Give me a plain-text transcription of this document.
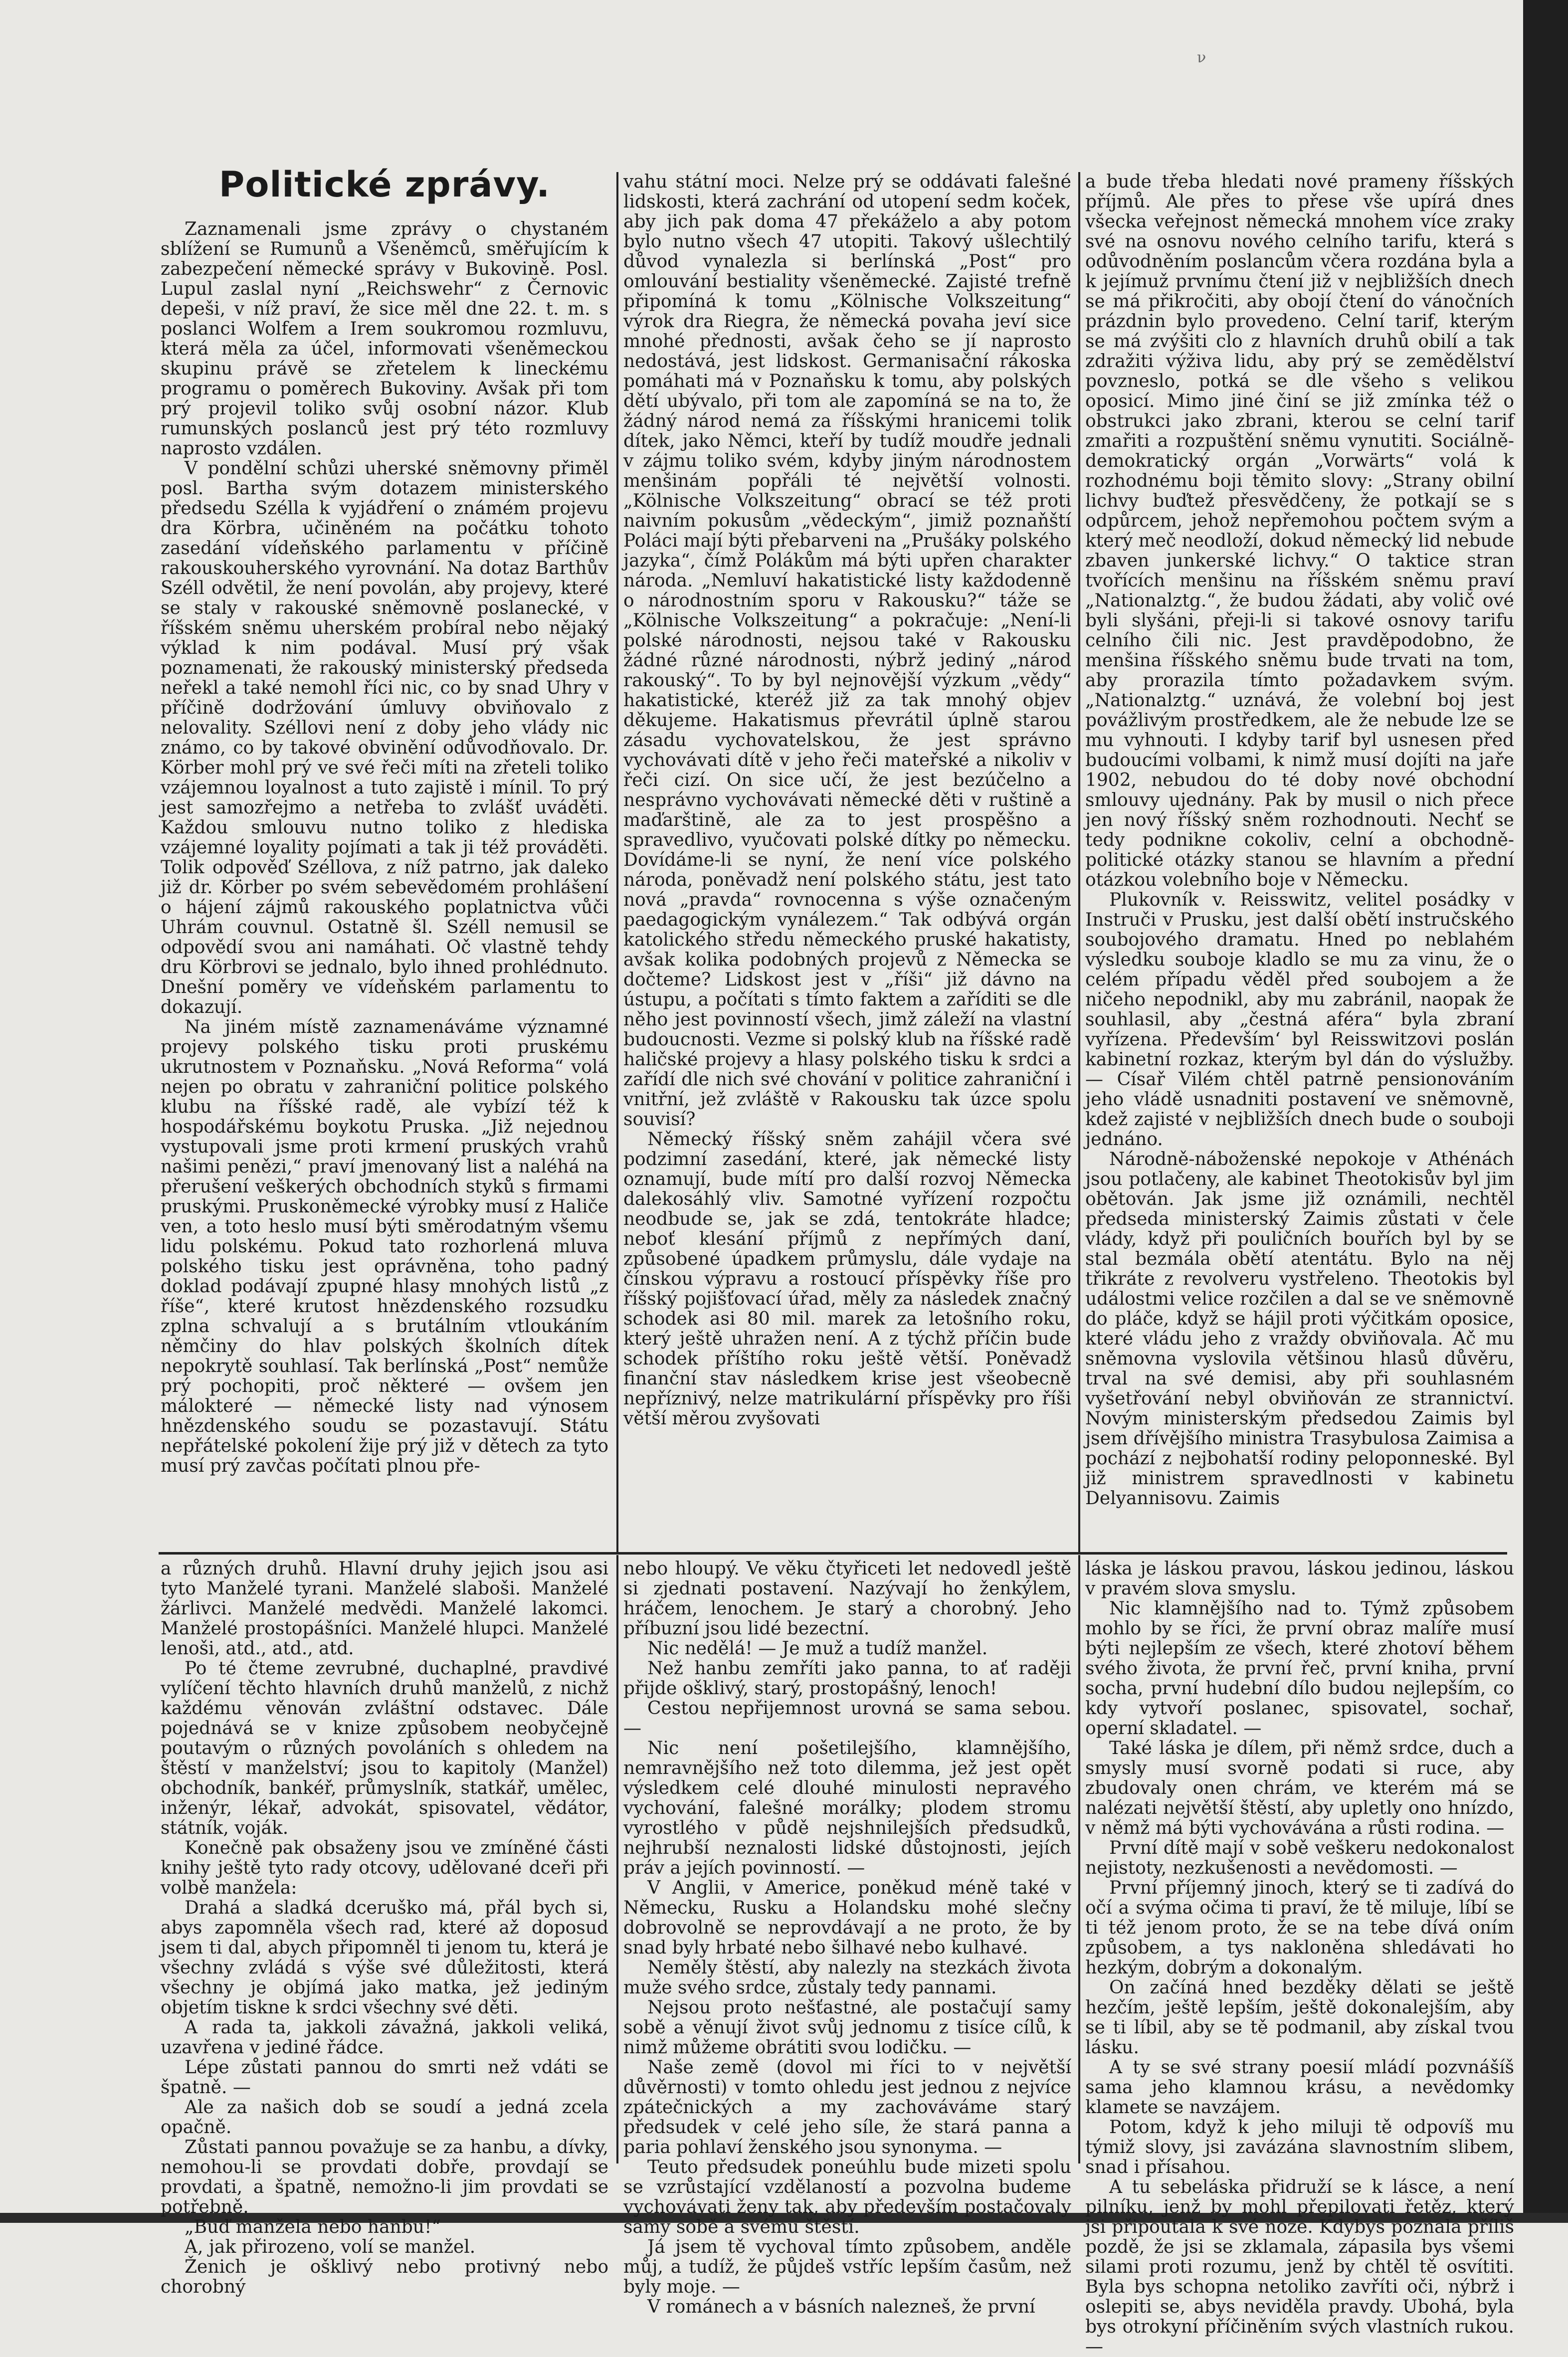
ν
Politické zprávy.

Zaznamenali jsme zprávy o chystaném sblížení se Rumunů a Všeněmců, směřujícím k zabezpečení německé správy v Bukovině. Posl. Lupul zaslal nyní „Reichswehr“ z Černovic depeši, v níž praví, že sice měl dne 22. t. m. s poslanci Wolfem a Irem soukromou rozmluvu, která měla za účel, informovati všeněmeckou skupinu právě se zřetelem k lineckému programu o poměrech Bukoviny. Avšak při tom prý projevil toliko svůj osobní názor. Klub rumunských poslanců jest prý této rozmluvy naprosto vzdálen.

V pondělní schůzi uherské sněmovny přiměl posl. Bartha svým dotazem ministerského předsedu Szélla k vyjádření o známém projevu dra Körbra, učiněném na počátku tohoto zasedání vídeňského parlamentu v příčině rakouskouherského vyrovnání. Na dotaz Barthův Széll odvětil, že není povolán, aby projevy, které se staly v rakouské sněmovně poslanecké, v říšském sněmu uherském probíral nebo nějaký výklad k nim podával. Musí prý však poznamenati, že rakouský ministerský předseda neřekl a také nemohl říci nic, co by snad Uhry v příčině dodržování úmluvy obviňovalo z nelovality. Széllovi není z doby jeho vlády nic známo, co by takové obvinění odůvodňovalo. Dr. Körber mohl prý ve své řeči míti na zřeteli toliko vzájemnou loyalnost a tuto zajistě i mínil. To prý jest samozřejmo a netřeba to zvlášť uváděti. Každou smlouvu nutno toliko z hlediska vzájemné loyality pojímati a tak ji též prováděti. Tolik odpověď Széllova, z níž patrno, jak daleko již dr. Körber po svém sebevědomém prohlášení o hájení zájmů rakouského poplatnictva vůči Uhrám couvnul. Ostatně šl. Széll nemusil se odpovědí svou ani namáhati. Oč vlastně tehdy dru Körbrovi se jednalo, bylo ihned prohlédnuto. Dnešní poměry ve vídeňském parlamentu to dokazují.

Na jiném místě zaznamenáváme významné projevy polského tisku proti pruskému ukrutnostem v Poznaňsku. „Nová Reforma“ volá nejen po obratu v zahraniční politice polského klubu na říšské radě, ale vybízí též k hospodářskému boykotu Pruska. „Již nejednou vystupovali jsme proti krmení pruských vrahů našimi penězi,“ praví jmenovaný list a naléhá na přerušení veškerých obchodních styků s firmami pruskými. Pruskoněmecké výrobky musí z Haliče ven, a toto heslo musí býti směrodatným všemu lidu polskému. Pokud tato rozhorlená mluva polského tisku jest oprávněna, toho padný doklad podávají zpupné hlasy mnohých listů „z říše“, které krutost hnězdenského rozsudku zplna schvalují a s brutálním vtloukáním němčiny do hlav polských školních dítek nepokrytě souhlasí. Tak berlínská „Post“ nemůže prý pochopiti, proč některé — ovšem jen málokteré — německé listy nad výnosem hnězdenského soudu se pozastavují. Státu nepřátelské pokolení žije prý již v dětech za tyto musí prý zavčas počítati plnou pře-

vahu státní moci. Nelze prý se oddávati falešné lidskosti, která zachrání od utopení sedm koček, aby jich pak doma 47 překáželo a aby potom bylo nutno všech 47 utopiti. Takový ušlechtilý důvod vynalezla si berlínská „Post“ pro omlouvání bestiality všeněmecké. Zajisté trefně připomíná k tomu „Kölnische Volkszeitung“ výrok dra Riegra, že německá povaha jeví sice mnohé přednosti, avšak čeho se jí naprosto nedostává, jest lidskost. Germanisační rákoska pomáhati má v Poznaňsku k tomu, aby polských dětí ubývalo, při tom ale zapomíná se na to, že žádný národ nemá za říšskými hranicemi tolik dítek, jako Němci, kteří by tudíž moudře jednali v zájmu toliko svém, kdyby jiným národnostem menšinám popřáli té největší volnosti. „Kölnische Volkszeitung“ obrací se též proti naivním pokusům „vědeckým“, jimiž poznaňští Poláci mají býti přebarveni na „Prušáky polského jazyka“, čímž Polákům má býti upřen charakter národa. „Nemluví hakatistické listy každodenně o národnostním sporu v Rakousku?“ táže se „Kölnische Volkszeitung“ a pokračuje: „Není-li polské národnosti, nejsou také v Rakousku žádné různé národnosti, nýbrž jediný „národ rakouský“. To by byl nejnovější výzkum „vědy“ hakatistické, kteréž již za tak mnohý objev děkujeme. Hakatismus převrátil úplně starou zásadu vychovatelskou, že jest správno vychovávati dítě v jeho řeči mateřské a nikoliv v řeči cizí. On sice učí, že jest bezúčelno a nesprávno vychovávati německé děti v ruštině a maďarštině, ale za to jest prospěšno a spravedlivo, vyučovati polské dítky po německu. Dovídáme-li se nyní, že není více polského národa, poněvadž není polského státu, jest tato nová „pravda“ rovnocenna s výše označeným paedagogickým vynálezem.“ Tak odbývá orgán katolického středu německého pruské hakatisty, avšak kolika podobných projevů z Německa se dočteme? Lidskost jest v „říši“ již dávno na ústupu, a počítati s tímto faktem a zaříditi se dle něho jest povinností všech, jimž záleží na vlastní budoucnosti. Vezme si polský klub na říšské radě haličské projevy a hlasy polského tisku k srdci a zařídí dle nich své chování v politice zahraniční i vnitřní, jež zvláště v Rakousku tak úzce spolu souvisí?

Německý říšský sněm zahájil včera své podzimní zasedání, které, jak německé listy oznamují, bude mítí pro další rozvoj Německa dalekosáhlý vliv. Samotné vyřízení rozpočtu neodbude se, jak se zdá, tentokráte hladce; neboť klesání příjmů z nepřímých daní, způsobené úpadkem průmyslu, dále vydaje na čínskou výpravu a rostoucí příspěvky říše pro říšský pojišťovací úřad, měly za následek značný schodek asi 80 mil. marek za letošního roku, který ještě uhražen není. A z týchž příčin bude schodek příštího roku ještě větší. Poněvadž finanční stav následkem krise jest všeobecně nepříznivý, nelze matrikulární příspěvky pro říši větší měrou zvyšovati

a bude třeba hledati nové prameny říšských příjmů. Ale přes to přese vše upírá dnes všecka veřejnost německá mnohem více zraky své na osnovu nového celního tarifu, která s odůvodněním poslancům včera rozdána byla a k jejímuž prvnímu čtení již v nejbližších dnech se má přikročiti, aby obojí čtení do vánočních prázdnin bylo provedeno. Celní tarif, kterým se má zvýšiti clo z hlavních druhů obilí a tak zdražiti výživa lidu, aby prý se zemědělství povzneslo, potká se dle všeho s velikou oposicí. Mimo jiné činí se již zmínka též o obstrukci jako zbrani, kterou se celní tarif zmařiti a rozpuštění sněmu vynutiti. Sociálně-demokratický orgán „Vorwärts“ volá k rozhodnému boji těmito slovy: „Strany obilní lichvy buďtež přesvědčeny, že potkají se s odpůrcem, jehož nepřemohou počtem svým a který meč neodloží, dokud německý lid nebude zbaven junkerské lichvy.“ O taktice stran tvořících menšinu na říšském sněmu praví „Nationalztg.“, že budou žádati, aby volič ové byli slyšáni, přeji-li si takové osnovy tarifu celního čili nic. Jest pravděpodobno, že menšina říšského sněmu bude trvati na tom, aby prorazila tímto požadavkem svým. „Nationalztg.“ uznává, že volební boj jest povážlivým prostředkem, ale že nebude lze se mu vyhnouti. I kdyby tarif byl usnesen před budoucími volbami, k nimž musí dojíti na jaře 1902, nebudou do té doby nové obchodní smlouvy ujednány. Pak by musil o nich přece jen nový říšský sněm rozhodnouti. Nechť se tedy podnikne cokoliv, celní a obchodně-politické otázky stanou se hlavním a přední otázkou volebního boje v Německu.

Plukovník v. Reisswitz, velitel posádky v Instruči v Prusku, jest další obětí instručského soubojového dramatu. Hned po neblahém výsledku souboje kladlo se mu za vinu, že o celém případu věděl před soubojem a že ničeho nepodnikl, aby mu zabránil, naopak že souhlasil, aby „čestná aféra“ byla zbraní vyřízena. Především‘ byl Reisswitzovi poslán kabinetní rozkaz, kterým byl dán do výslužby. — Císař Vilém chtěl patrně pensionováním jeho vládě usnadniti postavení ve sněmovně, kdež zajisté v nejbližších dnech bude o souboji jednáno.

Národně-náboženské nepokoje v Athénách jsou potlačeny, ale kabinet Theotokisův byl jim obětován. Jak jsme již oznámili, nechtěl předseda ministerský Zaimis zůstati v čele vlády, když při pouličních bouřích byl by se stal bezmála obětí atentátu. Bylo na něj třikráte z revolveru vystřeleno. Theotokis byl událostmi velice rozčilen a dal se ve sněmovně do pláče, když se hájil proti výčitkám oposice, které vládu jeho z vraždy obviňovala. Ač mu sněmovna vyslovila většinou hlasů důvěru, trval na své demisi, aby při souhlasném vyšetřování nebyl obviňován ze strannictví. Novým ministerským předsedou Zaimis byl jsem dřívějšího ministra Trasybulosa Zaimisa a pochází z nejbohatší rodiny peloponneské. Byl již ministrem spravedlnosti v kabinetu Delyannisovu. Zaimis

a různých druhů. Hlavní druhy jejich jsou asi tyto Manželé tyrani. Manželé slaboši. Manželé žárlivci. Manželé medvědi. Manželé lakomci. Manželé prostopášníci. Manželé hlupci. Manželé lenoši, atd., atd., atd.

Po té čteme zevrubné, duchaplné, pravdivé vylíčení těchto hlavních druhů manželů, z nichž každému věnován zvláštní odstavec. Dále pojednává se v knize způsobem neobyčejně poutavým o různých povoláních s ohledem na štěstí v manželství; jsou to kapitoly (Manžel) obchodník, bankéř, průmyslník, statkář, umělec, inženýr, lékař, advokát, spisovatel, vědátor, státník, voják.

Konečně pak obsaženy jsou ve zmíněné části knihy ještě tyto rady otcovy, udělované dceři při volbě manžela:

Drahá a sladká dceruško má, přál bych si, abys zapomněla všech rad, které až doposud jsem ti dal, abych připomněl ti jenom tu, která je všechny zvládá s výše své důležitosti, která všechny je objímá jako matka, jež jediným objetím tiskne k srdci všechny své děti.

A rada ta, jakkoli závažná, jakkoli veliká, uzavřena v jediné řádce.

Lépe zůstati pannou do smrti než vdáti se špatně. —

Ale za našich dob se soudí a jedná zcela opačně.

Zůstati pannou považuje se za hanbu, a dívky, nemohou-li se provdati dobře, provdají se provdati, a špatně, nemožno-li jim provdati se potřebně.

„Buď manžela nebo hanbu!“

A, jak přirozeno, volí se manžel.

Ženich je ošklivý nebo protivný nebo chorobný

nebo hloupý. Ve věku čtyřiceti let nedovedl ještě si zjednati postavení. Nazývají ho ženkýlem, hráčem, lenochem. Je starý a chorobný. Jeho příbuzní jsou lidé bezectní.

Nic nedělá! — Je muž a tudíž manžel.

Než hanbu zemříti jako panna, to ať raději přijde ošklivý, starý, prostopášný, lenoch!

Cestou nepřijemnost urovná se sama sebou. —

Nic není pošetilejšího, klamnějšího, nemravnějšího než toto dilemma, jež jest opět výsledkem celé dlouhé minulosti nepravého vychování, falešné morálky; plodem stromu vyrostlého v půdě nejshnilejších předsudků, nejhrubší neznalosti lidské důstojnosti, jejích práv a jejích povinností. —

V Anglii, v Americe, poněkud méně také v Německu, Rusku a Holandsku mohé slečny dobrovolně se neprovdávají a ne proto, že by snad byly hrbaté nebo šilhavé nebo kulhavé.

Neměly štěstí, aby nalezly na stezkách života muže svého srdce, zůstaly tedy pannami.

Nejsou proto nešťastné, ale postačují samy sobě a věnují život svůj jednomu z tisíce cílů, k nimž můžeme obrátiti svou lodičku. —

Naše země (dovol mi říci to v největší důvěrnosti) v tomto ohledu jest jednou z nejvíce zpátečnických a my zachováváme starý předsudek v celé jeho síle, že stará panna a paria pohlaví ženského jsou synonyma. —

Teuto předsudek poneúhlu bude mizeti spolu se vzrůstající vzdělaností a pozvolna budeme vychovávati ženy tak, aby především postačovaly samy sobě a svému štěstí.

Já jsem tě vychoval tímto způsobem, anděle můj, a tudíž, že půjdeš vstříc lepším časům, než byly moje. —

V románech a v básních nalezneš, že první

láska je láskou pravou, láskou jedinou, láskou v pravém slova smyslu.

Nic klamnějšího nad to. Týmž způsobem mohlo by se říci, že první obraz malíře musí býti nejlepším ze všech, které zhotoví během svého života, že první řeč, první kniha, první socha, první hudební dílo budou nejlepším, co kdy vytvoří poslanec, spisovatel, sochař, operní skladatel. —

Také láska je dílem, při němž srdce, duch a smysly musí svorně podati si ruce, aby zbudovaly onen chrám, ve kterém má se nalézati největší štěstí, aby upletly ono hnízdo, v němž má býti vychovávána a růsti rodina. —

První dítě mají v sobě veškeru nedokonalost nejistoty, nezkušenosti a nevědomosti. —

První příjemný jinoch, který se ti zadívá do očí a svýma očima ti praví, že tě miluje, líbí se ti též jenom proto, že se na tebe dívá oním způsobem, a tys nakloněna shledávati ho hezkým, dobrým a dokonalým.

On začíná hned bezděky dělati se ještě hezčím, ještě lepším, ještě dokonalejším, aby se ti líbil, aby se tě podmanil, aby získal tvou lásku.

A ty se své strany poesií mládí pozvnášíš sama jeho klamnou krásu, a nevědomky klamete se navzájem.

Potom, když k jeho miluji tě odpovíš mu týmiž slovy, jsi zavázána slavnostním slibem, snad i přísahou.

A tu sebeláska přidruží se k lásce, a není pilníku, jenž by mohl přepilovati řetěz, který jsi připoutala k své noze. Kdybys poznala příliš pozdě, že jsi se zklamala, zápasila bys všemi silami proti rozumu, jenž by chtěl tě osvítiti. Byla bys schopna netoliko zavříti oči, nýbrž i oslepiti se, abys neviděla pravdy. Ubohá, byla bys otrokyní příčiněním svých vlastních rukou. —
